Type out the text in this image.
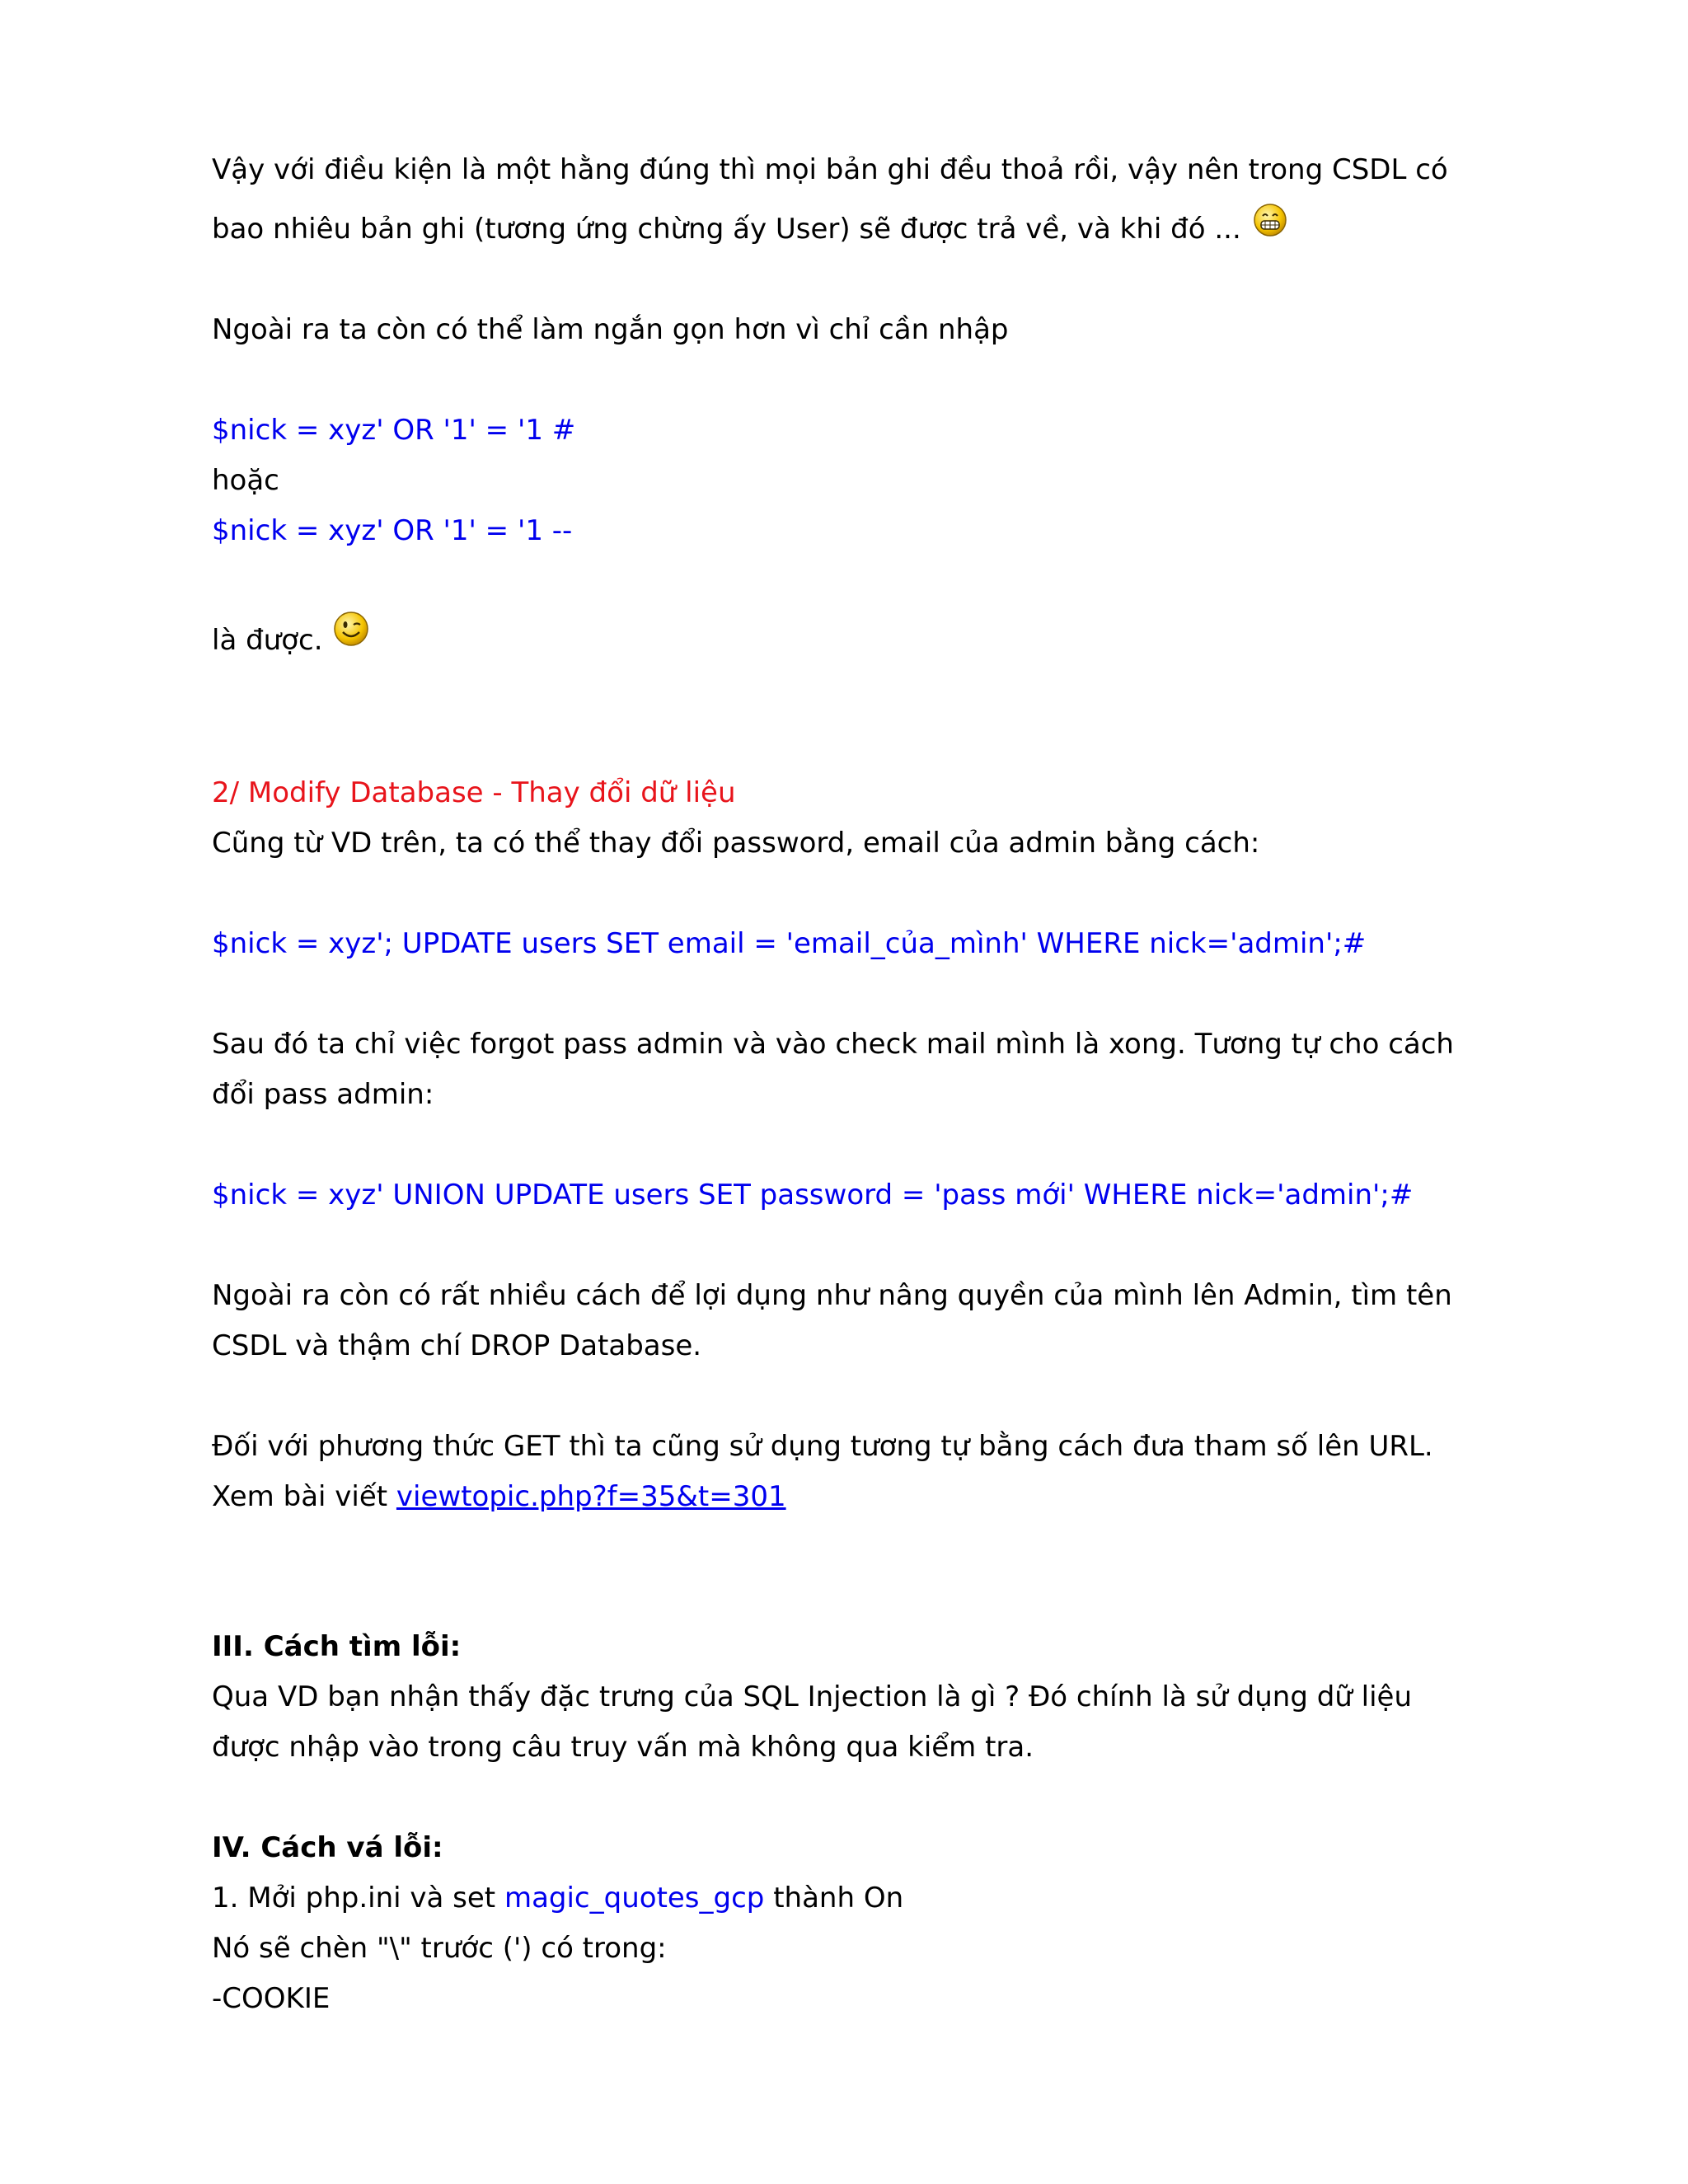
Vậy với điều kiện là một hằng đúng thì mọi bản ghi đều thoả rồi, vậy nên trong CSDL có
bao nhiêu bản ghi (tương ứng chừng ấy User) sẽ được trả về, và khi đó ...
Ngoài ra ta còn có thể làm ngắn gọn hơn vì chỉ cần nhập
$nick = xyz' OR '1' = '1 #
hoặc
$nick = xyz' OR '1' = '1 --
là được.
2/ Modify Database - Thay đổi dữ liệu
Cũng từ VD trên, ta có thể thay đổi password, email của admin bằng cách:
$nick = xyz'; UPDATE users SET email = 'email_của_mình' WHERE nick='admin';#
Sau đó ta chỉ việc forgot pass admin và vào check mail mình là xong. Tương tự cho cách
đổi pass admin:
$nick = xyz' UNION UPDATE users SET password = 'pass mới' WHERE nick='admin';#
Ngoài ra còn có rất nhiều cách để lợi dụng như nâng quyền của mình lên Admin, tìm tên
CSDL và thậm chí DROP Database.
Đối với phương thức GET thì ta cũng sử dụng tương tự bằng cách đưa tham số lên URL.
Xem bài viết viewtopic.php?f=35&t=301
III. Cách tìm lỗi:
Qua VD bạn nhận thấy đặc trưng của SQL Injection là gì ? Đó chính là sử dụng dữ liệu
được nhập vào trong câu truy vấn mà không qua kiểm tra.
IV. Cách vá lỗi:
1. Mởi php.ini và set magic_quotes_gcp thành On
Nó sẽ chèn "\" trước (') có trong:
-COOKIE
